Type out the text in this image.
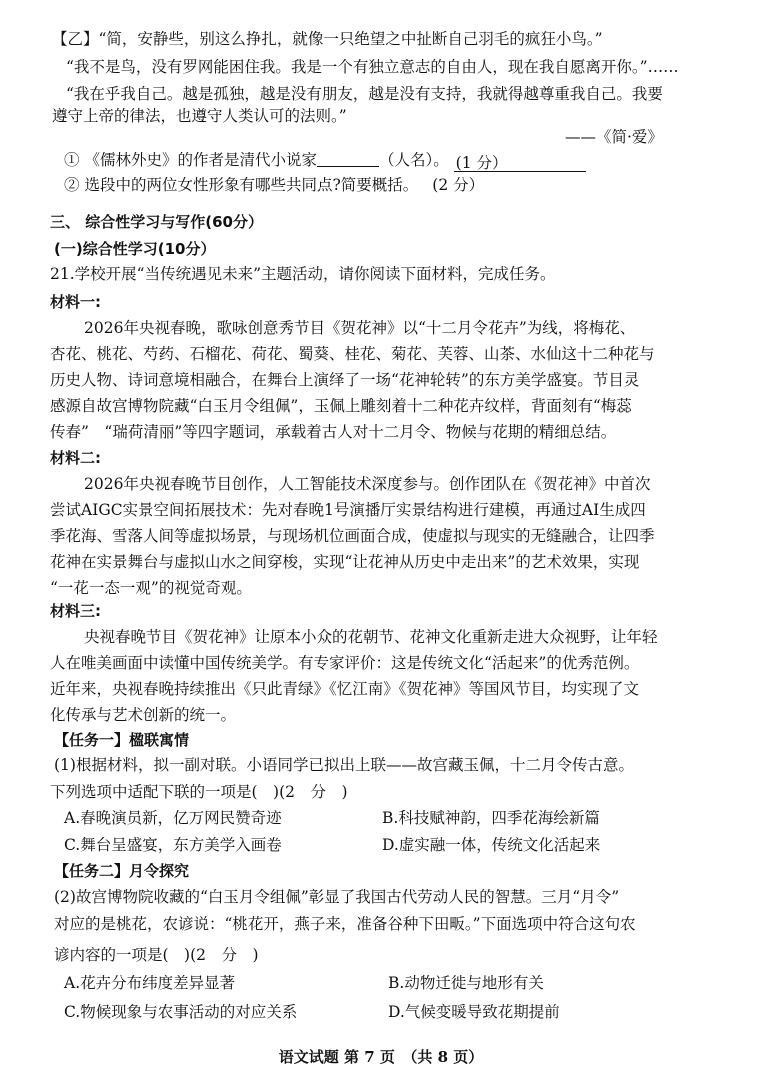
【乙】“简，安静些，别这么挣扎，就像一只绝望之中扯断自己羽毛的疯狂小鸟。”
“我不是鸟，没有罗网能困住我。我是一个有独立意志的自由人，现在我自愿离开你。”……
“我在乎我自己。越是孤独，越是没有朋友，越是没有支持，我就得越尊重我自己。我要
遵守上帝的律法，也遵守人类认可的法则。”
——《简·爱》
① 《儒林外史》的作者是清代小说家	（人名）。 (1 分）
② 选段中的两位女性形象有哪些共同点?简要概括。 (2 分）
三、 综合性学习与写作(60分）
(一)综合性学习(10分）
21.学校开展“当传统遇见未来”主题活动，请你阅读下面材料，完成任务。
材料一:
2026年央视春晚，歌咏创意秀节目《贺花神》以“十二月令花卉”为线，将梅花、
杏花、桃花、芍药、石榴花、荷花、蜀葵、桂花、菊花、芙蓉、山茶、水仙这十二种花与
历史人物、诗词意境相融合，在舞台上演绎了一场“花神轮转”的东方美学盛宴。节目灵
感源自故宫博物院藏“白玉月令组佩”，玉佩上雕刻着十二种花卉纹样，背面刻有“梅蕊
传春”　“瑞荷清丽”等四字题词，承载着古人对十二月令、物候与花期的精细总结。
材料二:
2026年央视春晚节目创作，人工智能技术深度参与。创作团队在《贺花神》中首次
尝试AIGC实景空间拓展技术：先对春晚1号演播厅实景结构进行建模，再通过AI生成四
季花海、雪落人间等虚拟场景，与现场机位画面合成，使虚拟与现实的无缝融合，让四季
花神在实景舞台与虚拟山水之间穿梭，实现“让花神从历史中走出来”的艺术效果，实现
“一花一态一观”的视觉奇观。
材料三:
央视春晚节目《贺花神》让原本小众的花朝节、花神文化重新走进大众视野，让年轻
人在唯美画面中读懂中国传统美学。有专家评价：这是传统文化“活起来”的优秀范例。
近年来，央视春晚持续推出《只此青绿》《忆江南》《贺花神》等国风节目，均实现了文
化传承与艺术创新的统一。
【任务一】楹联寓情
(1)根据材料，拟一副对联。小语同学已拟出上联——故宫藏玉佩，十二月令传古意。
下列选项中适配下联的一项是(　)(2　分　)
A.春晚演员新，亿万网民赞奇迹	B.科技赋神韵，四季花海绘新篇
C.舞台呈盛宴，东方美学入画卷	D.虚实融一体，传统文化活起来
【任务二】月令探究
(2)故宫博物院收藏的“白玉月令组佩”彰显了我国古代劳动人民的智慧。三月“月令”
对应的是桃花，农谚说：“桃花开，燕子来，准备谷种下田畈。”下面选项中符合这句农
谚内容的一项是(　)(2　分　)
A.花卉分布纬度差异显著	B.动物迁徙与地形有关
C.物候现象与农事活动的对应关系	D.气候变暖导致花期提前
语文试题 第 7 页　（共 8 页）
